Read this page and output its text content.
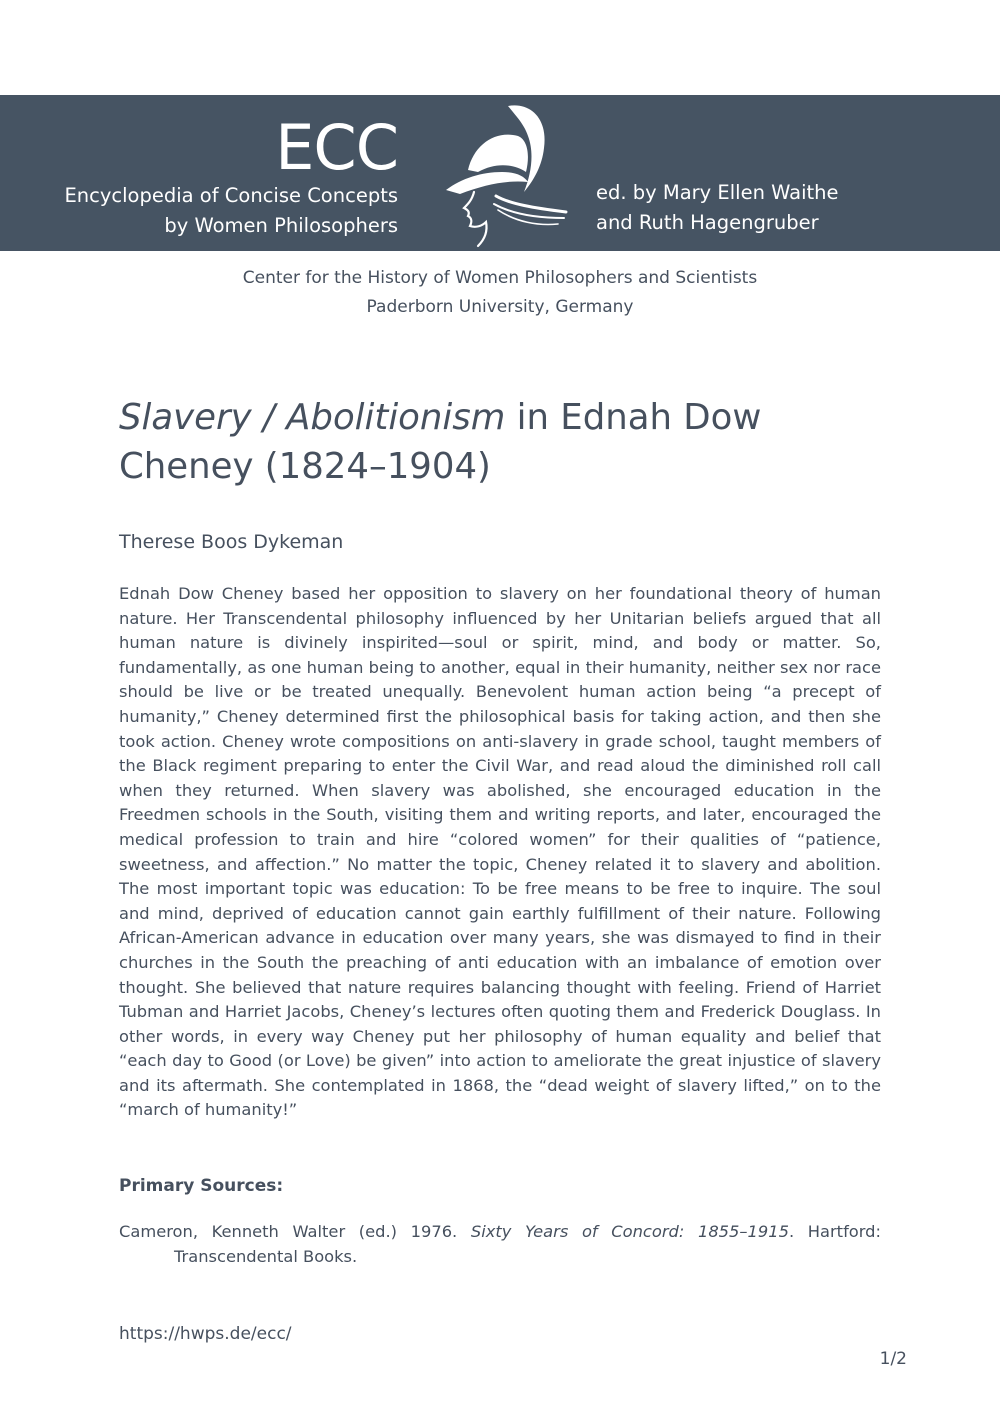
ECC
Encyclopedia of Concise Concepts
by Women Philosophers
ed. by Mary Ellen Waithe
and Ruth Hagengruber
Center for the History of Women Philosophers and Scientists
Paderborn University, Germany
Slavery / Abolitionism in Ednah Dow Cheney (1824–1904)
Therese Boos Dykeman

Ednah Dow Cheney based her opposition to slavery on her foundational theory of human nature. Her Transcendental philosophy influenced by her Unitarian beliefs argued that all human nature is divinely inspirited—soul or spirit, mind, and body or matter. So, fundamentally, as one human being to another, equal in their humanity, neither sex nor race should be live or be treated unequally. Benevolent human action being “a precept of humanity,” Cheney determined first the philosophical basis for taking action, and then she took action. Cheney wrote compositions on anti-slavery in grade school, taught members of the Black regiment preparing to enter the Civil War, and read aloud the diminished roll call when they returned. When slavery was abolished, she encouraged education in the Freedmen schools in the South, visiting them and writing reports, and later, encouraged the medical profession to train and hire “colored women” for their qualities of “patience, sweetness, and affection.” No matter the topic, Cheney related it to slavery and abolition. The most important topic was education: To be free means to be free to inquire. The soul and mind, deprived of education cannot gain earthly fulfillment of their nature. Following African-American advance in education over many years, she was dismayed to find in their churches in the South the preaching of anti education with an imbalance of emotion over thought. She believed that nature requires balancing thought with feeling. Friend of Harriet Tubman and Harriet Jacobs, Cheney’s lectures often quoting them and Frederick Douglass. In other words, in every way Cheney put her philosophy of human equality and belief that “each day to Good (or Love) be given” into action to ameliorate the great injustice of slavery and its aftermath. She contemplated in 1868, the “dead weight of slavery lifted,” on to the “march of humanity!”

Primary Sources:

Cameron, Kenneth Walter (ed.) 1976. Sixty Years of Concord: 1855–1915. Hartford: Transcendental Books.

https://hwps.de/ecc/
1/2
